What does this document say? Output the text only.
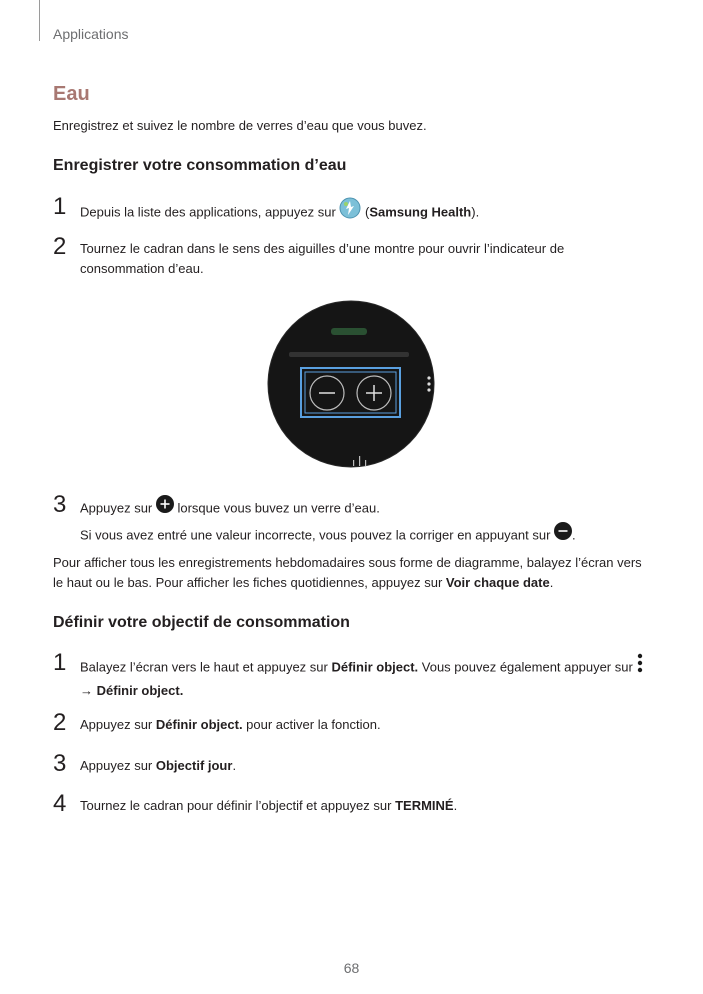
Applications
Eau
Enregistrez et suivez le nombre de verres d’eau que vous buvez.
Enregistrer votre consommation d’eau
1 Depuis la liste des applications, appuyez sur  (Samsung Health).
2 Tournez le cadran dans le sens des aiguilles d’une montre pour ouvrir l’indicateur de consommation d’eau.
3 Appuyez sur  lorsque vous buvez un verre d’eau.
Si vous avez entré une valeur incorrecte, vous pouvez la corriger en appuyant sur .
Pour afficher tous les enregistrements hebdomadaires sous forme de diagramme, balayez l’écran vers le haut ou le bas. Pour afficher les fiches quotidiennes, appuyez sur Voir chaque date.
Définir votre objectif de consommation
1 Balayez l’écran vers le haut et appuyez sur Définir object. Vous pouvez également appuyer sur
→ Définir object.
2 Appuyez sur Définir object. pour activer la fonction.
3 Appuyez sur Objectif jour.
4 Tournez le cadran pour définir l’objectif et appuyez sur TERMINÉ.
68
